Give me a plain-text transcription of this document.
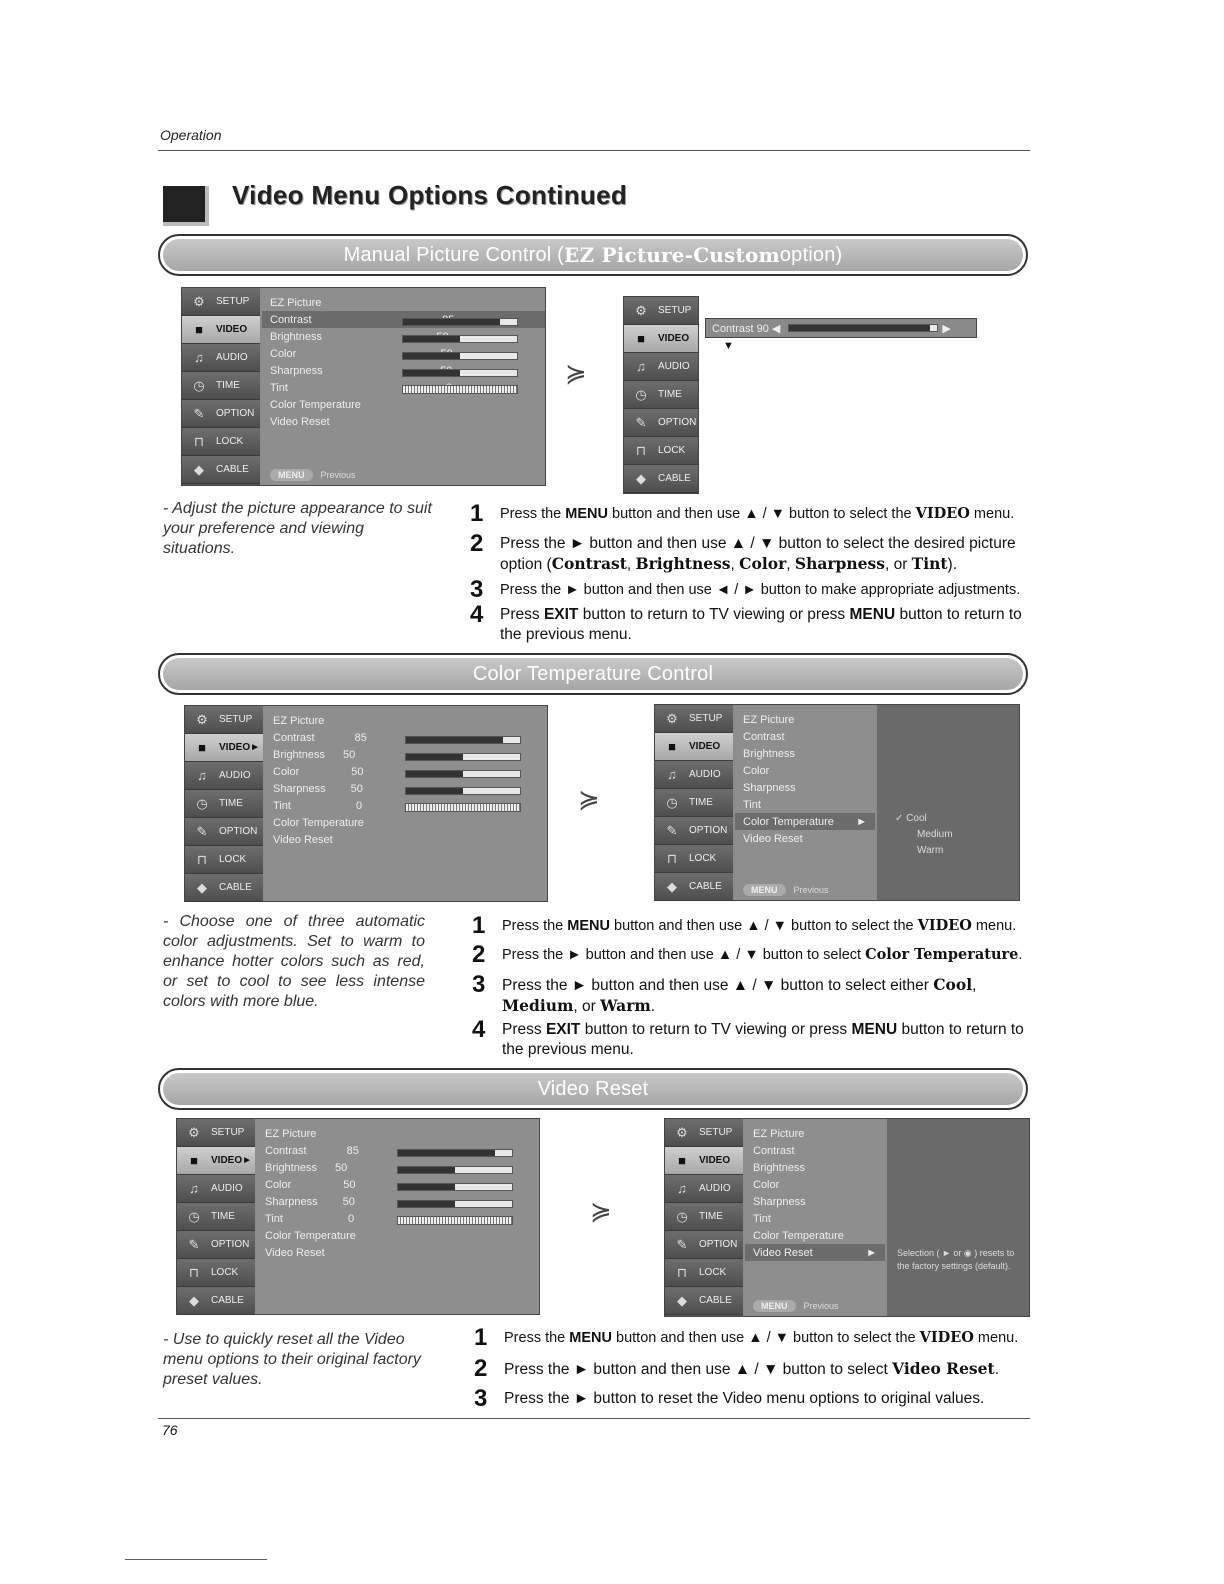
Operation
Video Menu Options Continued
Manual Picture Control ( EZ Picture-Custom option)
⚙	SETUP
■	VIDEO
♫	AUDIO
◷	TIME
✎	OPTION
⊓	LOCK
◆	CABLE
EZ Picture
Contrast
Brightness
Color
Sharpness
Tint
Color Temperature
Video Reset
MENU	Previous
≽
⚙	SETUP
■	VIDEO
♫	AUDIO
◷	TIME
✎	OPTION
⊓	LOCK
◆	CABLE
Contrast 90 ◀	▶
▼
- Adjust the picture appearance to suit your preference and viewing situations.
1 Press the MENU button and then use ▲ / ▼ button to select the VIDEO menu.
2 Press the ► button and then use ▲ / ▼ button to select the desired picture option (Contrast, Brightness, Color, Sharpness, or Tint).
3 Press the ► button and then use ◄ / ► button to make appropriate adjustments.
4 Press EXIT button to return to TV viewing or press MENU button to return to the previous menu.
Color Temperature Control
⚙	SETUP
■	VIDEO ►
♫	AUDIO
◷	TIME
✎	OPTION
⊓	LOCK
◆	CABLE
EZ Picture
Contrast	85
Brightness	50
Color	50
Sharpness	50
Tint	0
Color Temperature
Video Reset
≽
⚙	SETUP
■	VIDEO
♫	AUDIO
◷	TIME
✎	OPTION
⊓	LOCK
◆	CABLE
EZ Picture
Contrast
Brightness
Color
Sharpness
Tint
Color Temperature ►
Video Reset
MENU	Previous
✓ Cool
Medium
Warm
- Choose one of three automatic color adjustments. Set to warm to enhance hotter colors such as red, or set to cool to see less intense colors with more blue.
1 Press the MENU button and then use ▲ / ▼ button to select the VIDEO menu.
2 Press the ► button and then use ▲ / ▼ button to select Color Temperature.
3 Press the ► button and then use ▲ / ▼ button to select either Cool, Medium, or Warm.
4 Press EXIT button to return to TV viewing or press MENU button to return to the previous menu.
Video Reset
⚙	SETUP
■	VIDEO ►
♫	AUDIO
◷	TIME
✎	OPTION
⊓	LOCK
◆	CABLE
EZ Picture
Contrast	85
Brightness	50
Color	50
Sharpness	50
Tint	0
Color Temperature
Video Reset
≽
⚙	SETUP
■	VIDEO
♫	AUDIO
◷	TIME
✎	OPTION
⊓	LOCK
◆	CABLE
EZ Picture
Contrast
Brightness
Color
Sharpness
Tint
Color Temperature
Video Reset	►
MENU	Previous
Selection ( ► or ◉ ) resets to the factory settings (default).
- Use to quickly reset all the Video menu options to their original factory preset values.
1 Press the MENU button and then use ▲ / ▼ button to select the VIDEO menu.
2 Press the ► button and then use ▲ / ▼ button to select Video Reset.
3 Press the ► button to reset the Video menu options to original values.
76
